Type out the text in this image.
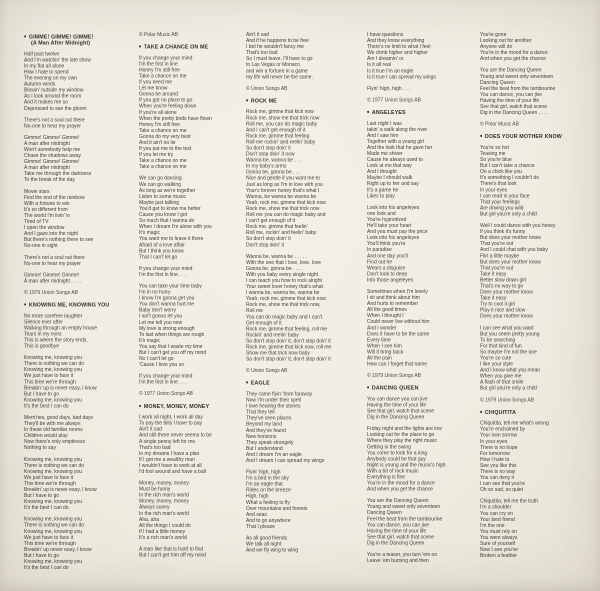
■ GIMME! GIMME! GIMME!
(A Man After Midnight)
Half past twelve
And I'm watchin' the late show
In my flat all alone
How I hate to spend
The evening on my own
Autumn winds
Blowin' outside my window
As I look around the room
And it makes me so
Depressed to see the gloom
There's not a soul out there
No-one to hear my prayer
Gimme! Gimme! Gimme!
A man after midnight
Won't somebody help me
Chase the shadows away
Gimme! Gimme! Gimme!
A man after midnight
Take me through the darkness
To the break of the day
Movie stars
Find the end of the rainbow
With a fortune to win
It's so different from
The world I'm livin' in
Tired of TV
I open the window
And I gaze into the night
But there's nothing there to see
No-one in sight
There's not a soul out there
No-one to hear my prayer
Gimme! Gimme! Gimme!
A man after midnight . . . .
© 1979 Union Songs AB
■ KNOWING ME, KNOWING YOU
No more carefree laughter
Silence ever after
Walking through an empty house
Tears in my eyes
This is where the story ends,
This is goodbye
Knowing me, knowing you
There is nothing we can do
Knowing me, knowing you
We just have to face it
This time we're through
Breakin' up is never easy, I know
But I have to go
Knowing me, knowing you
It's the best I can do
Mem'ries, good days, bad days
They'll be with me always
In these old familiar rooms
Children would play
Now there's only emptiness
Nothing to say
Knowing me, knowing you
There is nothing we can do
Knowing me, knowing you
We just have to face it
This time we're through
Breakin' up is never easy, I know
But I have to go
Knowing me, knowing you
It's the best I can do
Knowing me, knowing you
There is nothing we can do
Knowing me, knowing you
We just have to face it
This time we're through
Breakin' up never easy, I know
But I have to go
Knowing me, knowing you
It's the best I can do
© Polar Music AB
■ TAKE A CHANCE ON ME
If you change your mind
I'm the first in line
Honey I'm still free
Take a chance on me
If you need me
Let me know
Gonna be around
If you got no place to go
When you're feeling down
If you're all alone
When the pretty birds have flown
Honey I'm still free
Take a chance on me
Gonna do my very best
And it ain't no lie
If you put me to the test
If you let me try
Take a chance on me
Take a chance on me
We can go dancing
We can go walking
As long as we're together
Listen to some music
Maybe just talking
You'd get to know me better
Cause you know I got
So much that I wanna do
When I dream I'm alone with you
It's magic
You want me to leave it there
Afraid of a love affair
But I think you know
That I can't let go
If you change your mind
I'm the first in line . . .
You can take your time baby
I'm in no hurry
I know I'm gonna get you
You don't wanna hurt me
Baby don't worry
I ain't gonna let you
Let me tell you now
My love is strong enough
To last when things are rough
It's magic
You say that I waste my time
But I can't get you off my mind
No I can't let go
'Cause I love you so
If you change your mind
I'm the first in line . . .
© 1977 Union Songs AB
■ MONEY, MONEY, MONEY
I work all night, I work all day
To pay the bills I have to pay
Ain't it sad
And still there never seems to be
A single penny left for me
That's too bad
In my dreams I have a plan
If I got me a wealthy man
I wouldn't have to work at all
I'd fool around and have a ball
Money, money, money
Must be funny
In the rich man's world
Money, money, money
Always sunny
In the rich man's world
Aha, aha
All the things I could do
If I had a little money
It's a rich man's world
A man like that is hard to find
But I can't get him off my mind
Ain't it sad
And if he happens to be free
I bet he wouldn't fancy me
That's too bad
So I must leave, I'll have to go
to Las Vegas or Monaco
and win a fortune in a game
my life will never be the same.
© Union Songs AB
■ ROCK ME
Rock me, gimme that kick now
Rock me, show me that trick now
Roll me, you can do magic baby
And I can't get enough of it
Rock me, gimme that feeling
Roll me rockin' and reelin' baby
So don't stop doin' it
Don't stop doin' it now
Wanna be, wanna be . . .
In my baby's arms
Gonna be, gonna be . . .
Nice and gentle if you want me to
Just as long as I'm in love with you
Your's forever honey that's what I
Wanna, be wanna be wanna be
Yeah, rock me, gimme that kick now
Rock me, show me that trick now
Roll me you can do magic baby and
I can't get enough of it
Rock me, gimme that feelin'
Roll me, rockin' and feelin' baby
So don't stop doin' it
Don't stop doin' it
Wanna be, wanna be . . . . .
With the one that I love, love, love
Gonna be, gonna be . . . .
With you baby every single night
I can teach you how to rock alright
Your sweet lover honey that's what
I wanna be, wanna be, wanna be
Yeah, rock me, gimme that kick now
Rock me, show me that trick now,
Roll me
You can do magic baby and I can't
Get enough of it
Rock me, gimme that feeling, roll me
Rockin' and reelin' baby
So don't stop doin' it, don't stop doin' it
Rock me, gimme that kick now, roll me
Show me that trick now baby
So don't stop doin' it, don't stop doin' it
© Union Songs AB
■ EAGLE
They came flyin' from faraway
Now I'm under their spell
I love hearing the stories
That they tell
They've seen places
Beyond my land
And they've found
New horizons
They speak strangely
But I understand
And I dream I'm an eagle
And I dream I can spread my wings
Flyin' high, high
I'm a bird in the sky
I'm an eagle that
Rides on the breeze
High, high
What a feeling to fly
Over mountains and forests
And seas
And to go anywhere
That I please
As all good friends
We talk all night
And we fly wing to wing
I have questions
And they know everything
There's no limit to what I feel
We climb higher and higher
Am I dreamin' or
Is it all real
Is it true I'm an eagle
Is it true I can spread my wings
Flyin' high, high . . .
© 1977 Union Songs AB
■ ANGELEYES
Last night I was
takin' a walk along the river
And I saw him
Together with a young girl
And the look that he gave her
Made me shiver
Cause he always used to
Look at me that way
And I thought
Maybe I should walk
Right up to her and say
It's a game he
Likes to play
Look into his angeleyes
one look and
You're hypnotized
He'll take your heart
And you must pay the price
Look into his angeleyes
You'll think you're
In paradise
And one day you'll
Find out he
Wears a disguise
Don't look to deep
Into those angeleyes
Sometimes when I'm lonely
I sit and think about him
And hurts to remember
All the good times
When I thought I
Could never live without him
And I wonder
Does it have to be the same
Every time
When I see him
Will it bring back
All the pain
How can I forget that name
© 1979 Union Songs AB
■ DANCING QUEEN
You can dance you can jive
Having the time of your life
See that girl, watch that scene
Dig in the Dancing Queen
Friday night and the lights are low
Looking out for the place to go
Where they play the right music
Getting in the swing
You come to look for a king
Anybody could be that guy
Night is young and the music's high
With a bit of rock music
Everything is fine
You're in the mood for a dance
And when you get the chance
You are the Dancing Queen
Young and sweet only seventeen
Dancing Queen
Feel the beat from the tambourine
You can dance, you can jive
Having the time of your life
See that girl, watch that scene
Dig in the Dancing Queen
You're a teaser, you turn 'em on
Leave 'em burning and then
You're gone
Looking out for another
Anyone will do
You're in the mood for a dance
And when you get the chance
You are the Dancing Queen
Young and sweet only seventeen
Dancing Queen
Feel the beat from the tambourine
You can dance, you can jive
Having the time of your life
See that girl, watch that scene
Dig in the Dancing Queen . . . .
© Polar Music AB
■ DOES YOUR MOTHER KNOW
You're so hot
Teasing me
So you're blue
But I can't take a chance
On a chick like you
It's something I couldn't do
There's that look
In your eyes
I can read in your face
That your feelings
Are driving you wild
But girl you're only a child
Well I could dance with you honey
If you think it's funny
But does your mother know
That you're out
And I could chat with you baby
Flirt a little maybe
But does your mother know
That you're out
Take it easy
Better slow down girl
That's no way to go
Does your mother know
Take it easy
Try to cool it girl
Play it nice and slow
Does your mother know
I can see what you want
But you seem pretty young
To be searching
For that kind of fun
So maybe I'm not the one
You're so cute
I like your style
And I know what you mean
When you give me
A flash of that smile
But girl you're only a child
© 1979 Union Songs AB
■ CHIQUITITA
Chiquitita, tell me what's wrong
You're enchained by
Your own sorrow
In your eyes
There is no hope
For tomorrow
How I hate to
See you like this
There is no way
You can deny it
I can see that you're
Oh so sad, so quiet
Chiquitita, tell me the truth
I'm a shoulder
You can cry on
Your best friend
I'm the one
You must rely on
You were always
Sure of yourself
Now I see you've
Broken a feather
